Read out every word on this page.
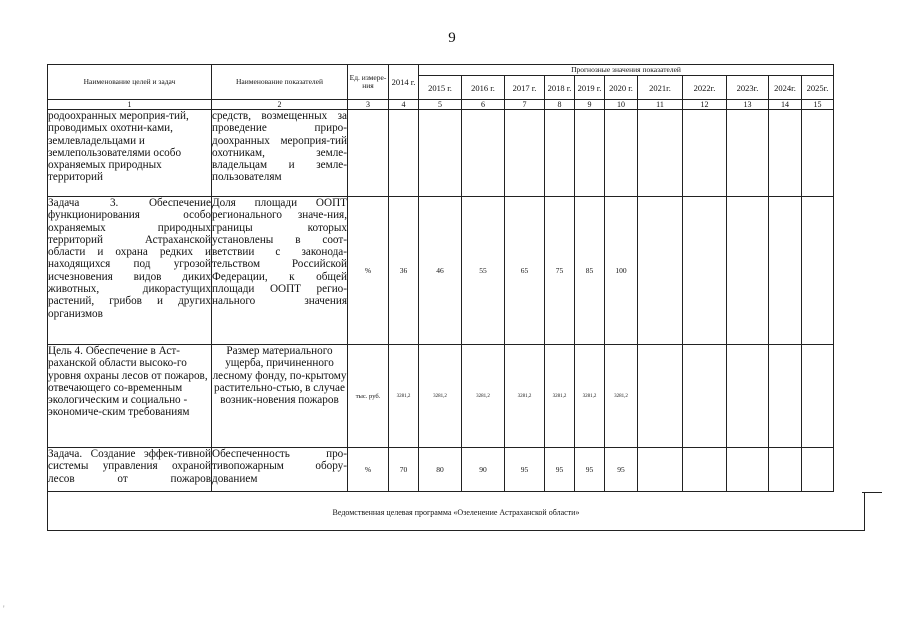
9
Наименование целей и задач	Наименование показателей	Ед. измере-ния	2014 г.	Прогнозные значения показателей										
				2015 г.	2016 г.	2017 г.	2018 г.	2019 г.	2020 г.	2021г.	2022г.	2023г.	2024г.	2025г.
1	2	3	4	5	6	7	8	9	10	11	12	13	14	15
родоохранных мероприя-тий, проводимых охотни-ками, землевладельцами и землепользователями особо охраняемых природных территорий	средств, возмещенных за проведение приро-доохранных мероприя-тий охотникам, земле-владельцам и земле-пользователям													
Задача 3. Обеспечение функционирования особо охраняемых природных территорий Астраханской области и охрана редких и находящихся под угрозой исчезновения видов диких животных, дикорастущих растений, грибов и других организмов	Доля площади ООПТ регионального значе-ния, границы которых установлены в соот-ветствии с законода-тельством Российской Федерации, к общей площади ООПТ регио-нального значения	%	36	46	55	65	75	85	100					
Цель 4. Обеспечение в Аст-раханской области высоко-го уровня охраны лесов от пожаров, отвечающего со-временным экологическим и социально - экономиче-ским требованиям	Размер материального ущерба, причиненного лесному фонду, по-крытому растительно-стью, в случае возник-новения пожаров	тыс. руб.	3281,2	3281,2	3281,2	3281,2	3281,2	3281,2	3281,2					
Задача. Создание эффек-тивной системы управления охраной лесов от пожаров	Обеспеченность про-тивопожарным обору-дованием	%	70	80	90	95	95	95	95					
Ведомственная целевая программа «Озеленение Астраханской области»
'
